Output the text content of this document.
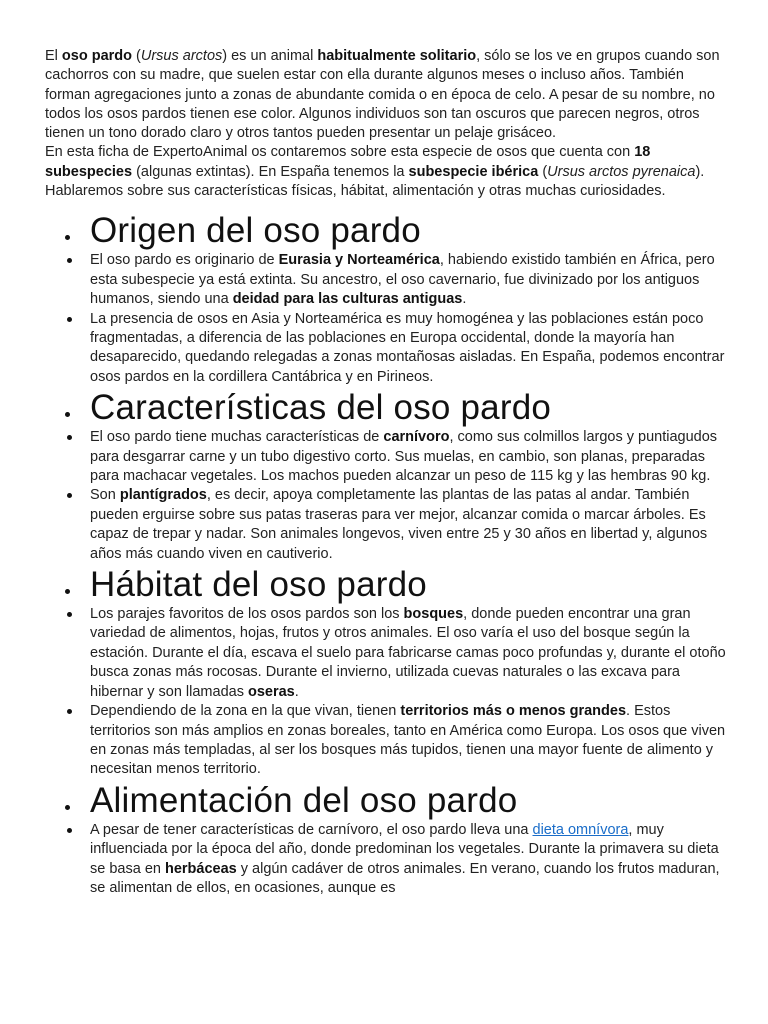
El oso pardo (Ursus arctos) es un animal habitualmente solitario, sólo se los ve en grupos cuando son cachorros con su madre, que suelen estar con ella durante algunos meses o incluso años. También forman agregaciones junto a zonas de abundante comida o en época de celo. A pesar de su nombre, no todos los osos pardos tienen ese color. Algunos individuos son tan oscuros que parecen negros, otros tienen un tono dorado claro y otros tantos pueden presentar un pelaje grisáceo.

En esta ficha de ExpertoAnimal os contaremos sobre esta especie de osos que cuenta con 18 subespecies (algunas extintas). En España tenemos la subespecie ibérica (Ursus arctos pyrenaica). Hablaremos sobre sus características físicas, hábitat, alimentación y otras muchas curiosidades.

Origen del oso pardo
El oso pardo es originario de Eurasia y Norteamérica, habiendo existido también en África, pero esta subespecie ya está extinta. Su ancestro, el oso cavernario, fue divinizado por los antiguos humanos, siendo una deidad para las culturas antiguas.
La presencia de osos en Asia y Norteamérica es muy homogénea y las poblaciones están poco fragmentadas, a diferencia de las poblaciones en Europa occidental, donde la mayoría han desaparecido, quedando relegadas a zonas montañosas aisladas. En España, podemos encontrar osos pardos en la cordillera Cantábrica y en Pirineos.
Características del oso pardo
El oso pardo tiene muchas características de carnívoro, como sus colmillos largos y puntiagudos para desgarrar carne y un tubo digestivo corto. Sus muelas, en cambio, son planas, preparadas para machacar vegetales. Los machos pueden alcanzar un peso de 115 kg y las hembras 90 kg.
Son plantígrados, es decir, apoya completamente las plantas de las patas al andar. También pueden erguirse sobre sus patas traseras para ver mejor, alcanzar comida o marcar árboles. Es capaz de trepar y nadar. Son animales longevos, viven entre 25 y 30 años en libertad y, algunos años más cuando viven en cautiverio.
Hábitat del oso pardo
Los parajes favoritos de los osos pardos son los bosques, donde pueden encontrar una gran variedad de alimentos, hojas, frutos y otros animales. El oso varía el uso del bosque según la estación. Durante el día, escava el suelo para fabricarse camas poco profundas y, durante el otoño busca zonas más rocosas. Durante el invierno, utilizada cuevas naturales o las excava para hibernar y son llamadas oseras.
Dependiendo de la zona en la que vivan, tienen territorios más o menos grandes. Estos territorios son más amplios en zonas boreales, tanto en América como Europa. Los osos que viven en zonas más templadas, al ser los bosques más tupidos, tienen una mayor fuente de alimento y necesitan menos territorio.
Alimentación del oso pardo
A pesar de tener características de carnívoro, el oso pardo lleva una dieta omnívora, muy influenciada por la época del año, donde predominan los vegetales. Durante la primavera su dieta se basa en herbáceas y algún cadáver de otros animales. En verano, cuando los frutos maduran, se alimentan de ellos, en ocasiones, aunque es
